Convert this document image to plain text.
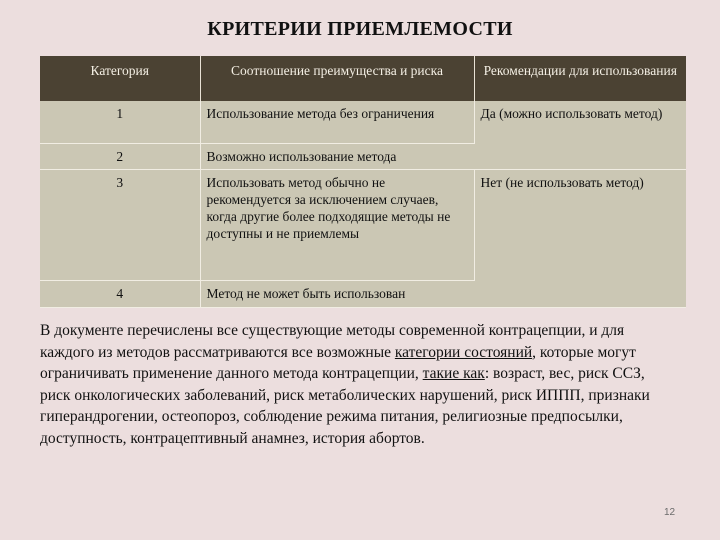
КРИТЕРИИ ПРИЕМЛЕМОСТИ
Категория	Соотношение преимущества и риска	Рекомендации для использования
1	Использование метода без ограничения	Да (можно использовать метод)
2	Возможно использование метода	
3	Использовать метод обычно не рекомендуется за исключением случаев, когда другие более подходящие методы не доступны и не приемлемы	Нет (не использовать метод)
4	Метод не может быть использован	

В документе перечислены все существующие методы современной контрацепции, и для каждого из методов рассматриваются все возможные категории состояний, которые могут ограничивать применение данного метода контрацепции, такие как: возраст, вес, риск ССЗ, риск онкологических заболеваний, риск метаболических нарушений, риск ИППП, признаки гиперандрогении, остеопороз, соблюдение режима питания, религиозные предпосылки, доступность, контрацептивный анамнез, история абортов.

12
